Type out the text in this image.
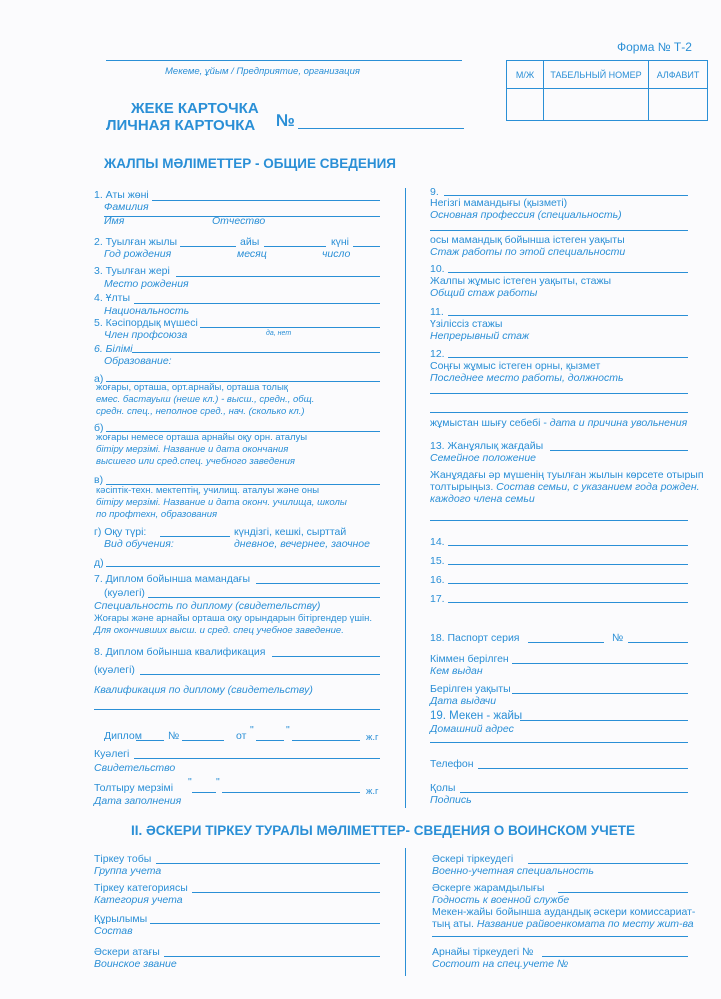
Форма № Т-2
Мекеме, ұйым / Предприятие, организация	М/Ж	ТАБЕЛЬНЫЙ НОМЕР	АЛФАВИТ

ЖЕКЕ КАРТОЧКА
ЛИЧНАЯ КАРТОЧКА №
ЖАЛПЫ МӘЛІМЕТТЕР - ОБЩИЕ СВЕДЕНИЯ
1. Аты жөні
Фамилия
Имя	Отчество
2. Туылған жылы	айы	күні
Год рождения	месяц	число
3. Туылған жері
Место рождения
4. Ұлты
Национальность
5. Кәсіпордық мүшесі
Член профсоюза	да, нет
6. Білімі
Образование:
а)
жоғары, орташа, орт.арнайы, орташа толық
емес. бастауыш (неше кл.) - высш., средн., общ.
средн. спец., неполное сред., нач. (сколько кл.)
б)
жоғары немесе орташа арнайы оқу орн. аталуы
бітіру мерзімі. Название и дата окончания
высшего или сред.спец. учебного заведения
в)
кәсіптік-техн. мектептің, училищ. аталуы және оны
бітіру мерзімі. Название и дата оконч. училища, школы
по профтехн, образования
г) Оқу түрі:	күндізгі, кешкі, сырттай
Вид обучения:	дневное, вечернее, заочное
д)
7. Диплом бойынша мамандағы
(куәлегі)
Специальность по диплому (свидетельству)
Жоғары және арнайы орташа оқу орындарын бітіргендер үшін.
Для окончивших высш. и сред. спец учебное заведение.
8. Диплом бойынша квалификация
(куәлегі)
Квалификация по диплому (свидетельству)
Диплом №	от "	"
ж.г
Куәлегі
Свидетельство
Толтыру мерзімі " "
ж.г
Дата заполнения
9.
Негізгі мамандығы (қызметі)
Основная профессия (специальность)
осы мамандық бойынша істеген уақыты
Стаж работы по этой специальности
10.
Жалпы жұмыс істеген уақыты, стажы
Общий стаж работы
11.
Үзіліссіз стажы
Непрерывный стаж
12.
Соңғы жұмыс істеген орны, қызмет
Последнее место работы, должность
жұмыстан шығу себебі - дата и причина увольнения
13. Жанұялық жағдайы
Семейное положение
Жанұядағы әр мүшенің туылған жылын көрсете отырып
толтырыңыз. Состав семьи, с указанием года рожден.
каждого члена семьи
14.
15.
16.
17.
18. Паспорт серия	№
Кіммен берілген
Кем выдан
Берілген уақыты
Дата выдачи
19. Мекен - жайы
Домашний адрес
Телефон
Қолы
Подпись
II. ӘСКЕРИ ТІРКЕУ ТУРАЛЫ МӘЛІМЕТТЕР- СВЕДЕНИЯ О ВОИНСКОМ УЧЕТЕ
Тіркеу тобы
Группа учета
Тіркеу категориясы
Категория учета
Құрылымы
Состав
Әскери атағы
Воинское звание
Әскері тіркеудегі
Военно-учетная специальность
Әскерге жарамдылығы
Годность к военной службе
Мекен-жайы бойынша аудандық әскери комиссариат-
тың аты. Название райвоенкомата по месту жит-ва
Арнайы тіркеудегі №
Состоит на спец.учете №
